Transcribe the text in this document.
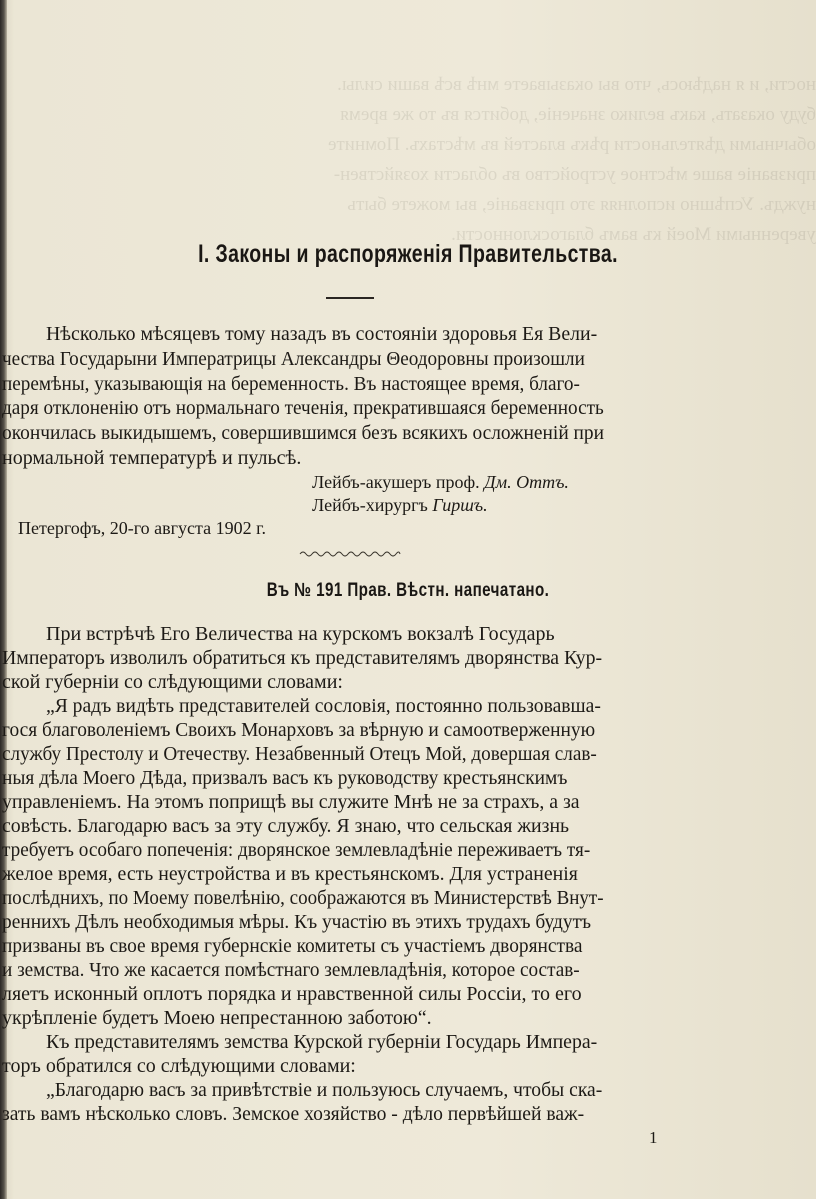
ности, и я надѣюсь, что вы оказываете мнѣ всѣ ваши силы.
буду оказать, какъ велико значеніе, добится въ то же время
обычными дѣятельности рѣкъ властей въ мѣстахъ. Помните
призваніе ваше мѣстное устройство въ области хозяйствен-
нуждъ. Успѣшно исполняя это призваніе, вы можете быть
уверенными Моей къ вамъ благосклонности.
I. Законы и распоряженія Правительства.
Нѣсколько мѣсяцевъ тому назадъ въ состояніи здоровья Ея Вели-
чества Государыни Императрицы Александры Θеодоровны произошли
перемѣны, указывающія на беременность. Въ настоящее время, благо-
даря отклоненію отъ нормальнаго теченія, прекратившаяся беременность
окончилась выкидышемъ, совершившимся безъ всякихъ осложненій при
нормальной температурѣ и пульсѣ.
Лейбъ-акушеръ проф. Дм. Оттъ.
Лейбъ-хирургъ Гиршъ.
Петергофъ, 20-го августа 1902 г.
Въ № 191 Прав. Вѣстн. напечатано.
При встрѣчѣ Его Величества на курскомъ вокзалѣ Государь
Императоръ изволилъ обратиться къ представителямъ дворянства Кур-
ской губерніи со слѣдующими словами:
„Я радъ видѣть представителей сословія, постоянно пользовавша-
гося благоволеніемъ Своихъ Монарховъ за вѣрную и самоотверженную
службу Престолу и Отечеству. Незабвенный Отецъ Мой, довершая слав-
ныя дѣла Моего Дѣда, призвалъ васъ къ руководству крестьянскимъ
управленіемъ. На этомъ поприщѣ вы служите Мнѣ не за страхъ, а за
совѣсть. Благодарю васъ за эту службу. Я знаю, что сельская жизнь
требуетъ особаго попеченія: дворянское землевладѣніе переживаетъ тя-
желое время, есть неустройства и въ крестьянскомъ. Для устраненія
послѣднихъ, по Моему повелѣнію, соображаются въ Министерствѣ Внут-
реннихъ Дѣлъ необходимыя мѣры. Къ участію въ этихъ трудахъ будутъ
призваны въ свое время губернскіе комитеты съ участіемъ дворянства
и земства. Что же касается помѣстнаго землевладѣнія, которое состав-
ляетъ исконный оплотъ порядка и нравственной силы Россіи, то его
укрѣпленіе будетъ Моею непрестанною заботою“.
Къ представителямъ земства Курской губерніи Государь Импера-
торъ обратился со слѣдующими словами:
„Благодарю васъ за привѣтствіе и пользуюсь случаемъ, чтобы ска-
зать вамъ нѣсколько словъ. Земское хозяйство - дѣло первѣйшей важ-
1
